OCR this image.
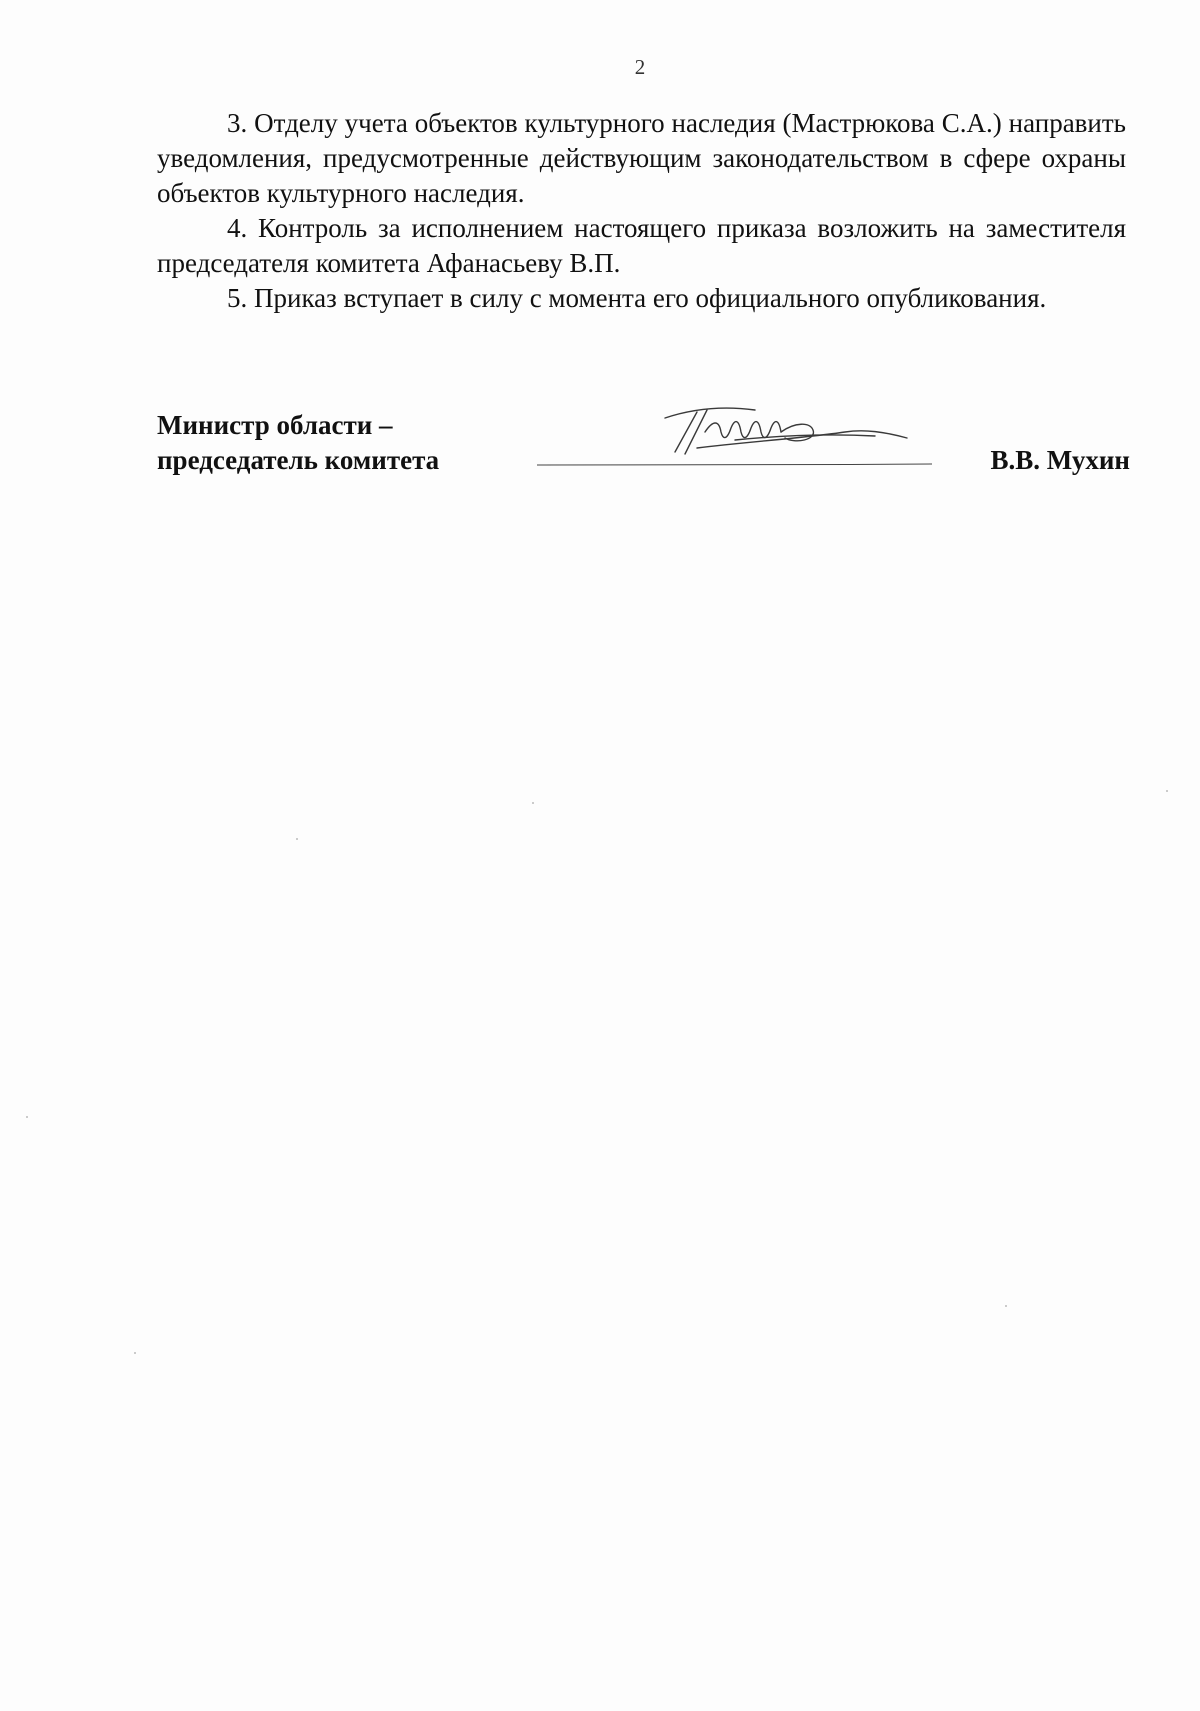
2

3. Отделу учета объектов культурного наследия (Мастрюкова С.А.) направить уведомления, предусмотренные действующим законодательством в сфере охраны объектов культурного наследия.

4. Контроль за исполнением настоящего приказа возложить на заместителя председателя комитета Афанасьеву В.П.

5. Приказ вступает в силу с момента его официального опубликования.

Министр области –
председатель комитета	В.В. Мухин
